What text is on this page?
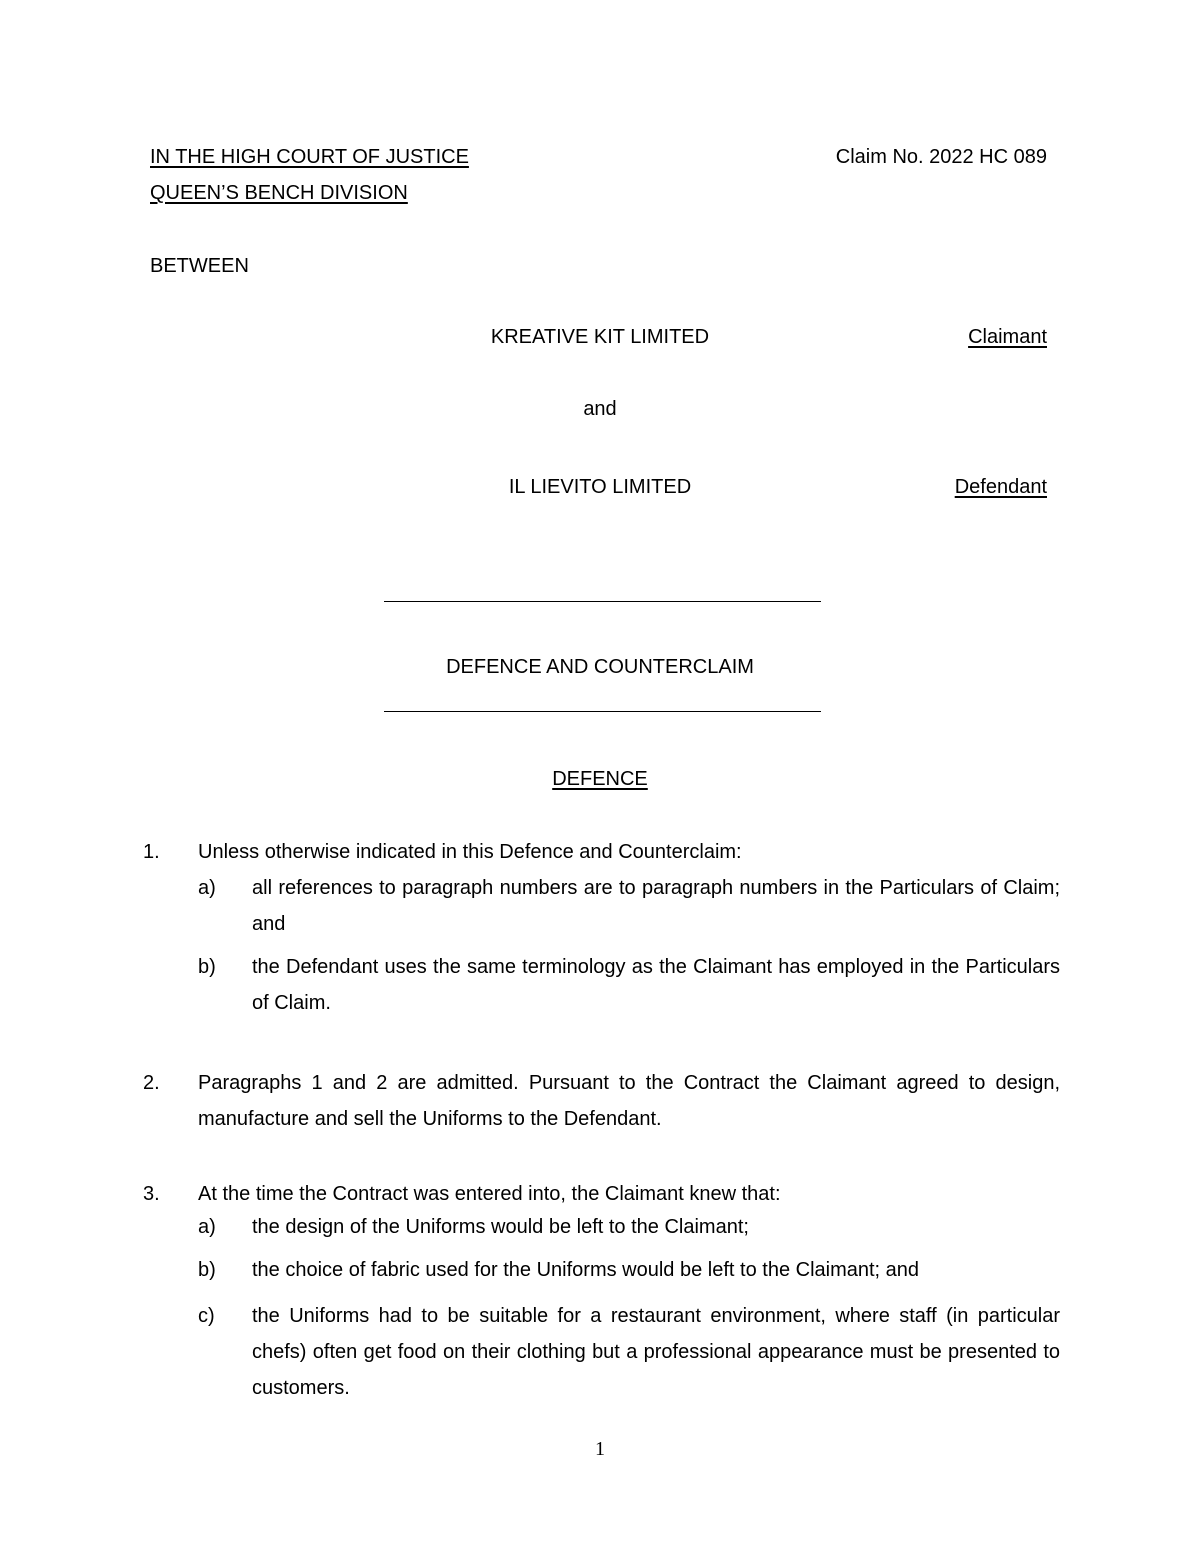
IN THE HIGH COURT OF JUSTICE
QUEEN’S BENCH DIVISION
Claim No. 2022 HC 089
BETWEEN
KREATIVE KIT LIMITED	Claimant
and
IL LIEVITO LIMITED	Defendant
DEFENCE AND COUNTERCLAIM
DEFENCE
1. Unless otherwise indicated in this Defence and Counterclaim:
a) all references to paragraph numbers are to paragraph numbers in the Particulars of Claim; and
b) the Defendant uses the same terminology as the Claimant has employed in the Particulars of Claim.
2. Paragraphs 1 and 2 are admitted. Pursuant to the Contract the Claimant agreed to design, manufacture and sell the Uniforms to the Defendant.
3. At the time the Contract was entered into, the Claimant knew that:
a) the design of the Uniforms would be left to the Claimant;
b) the choice of fabric used for the Uniforms would be left to the Claimant; and
c) the Uniforms had to be suitable for a restaurant environment, where staff (in particular chefs) often get food on their clothing but a professional appearance must be presented to customers.
1
